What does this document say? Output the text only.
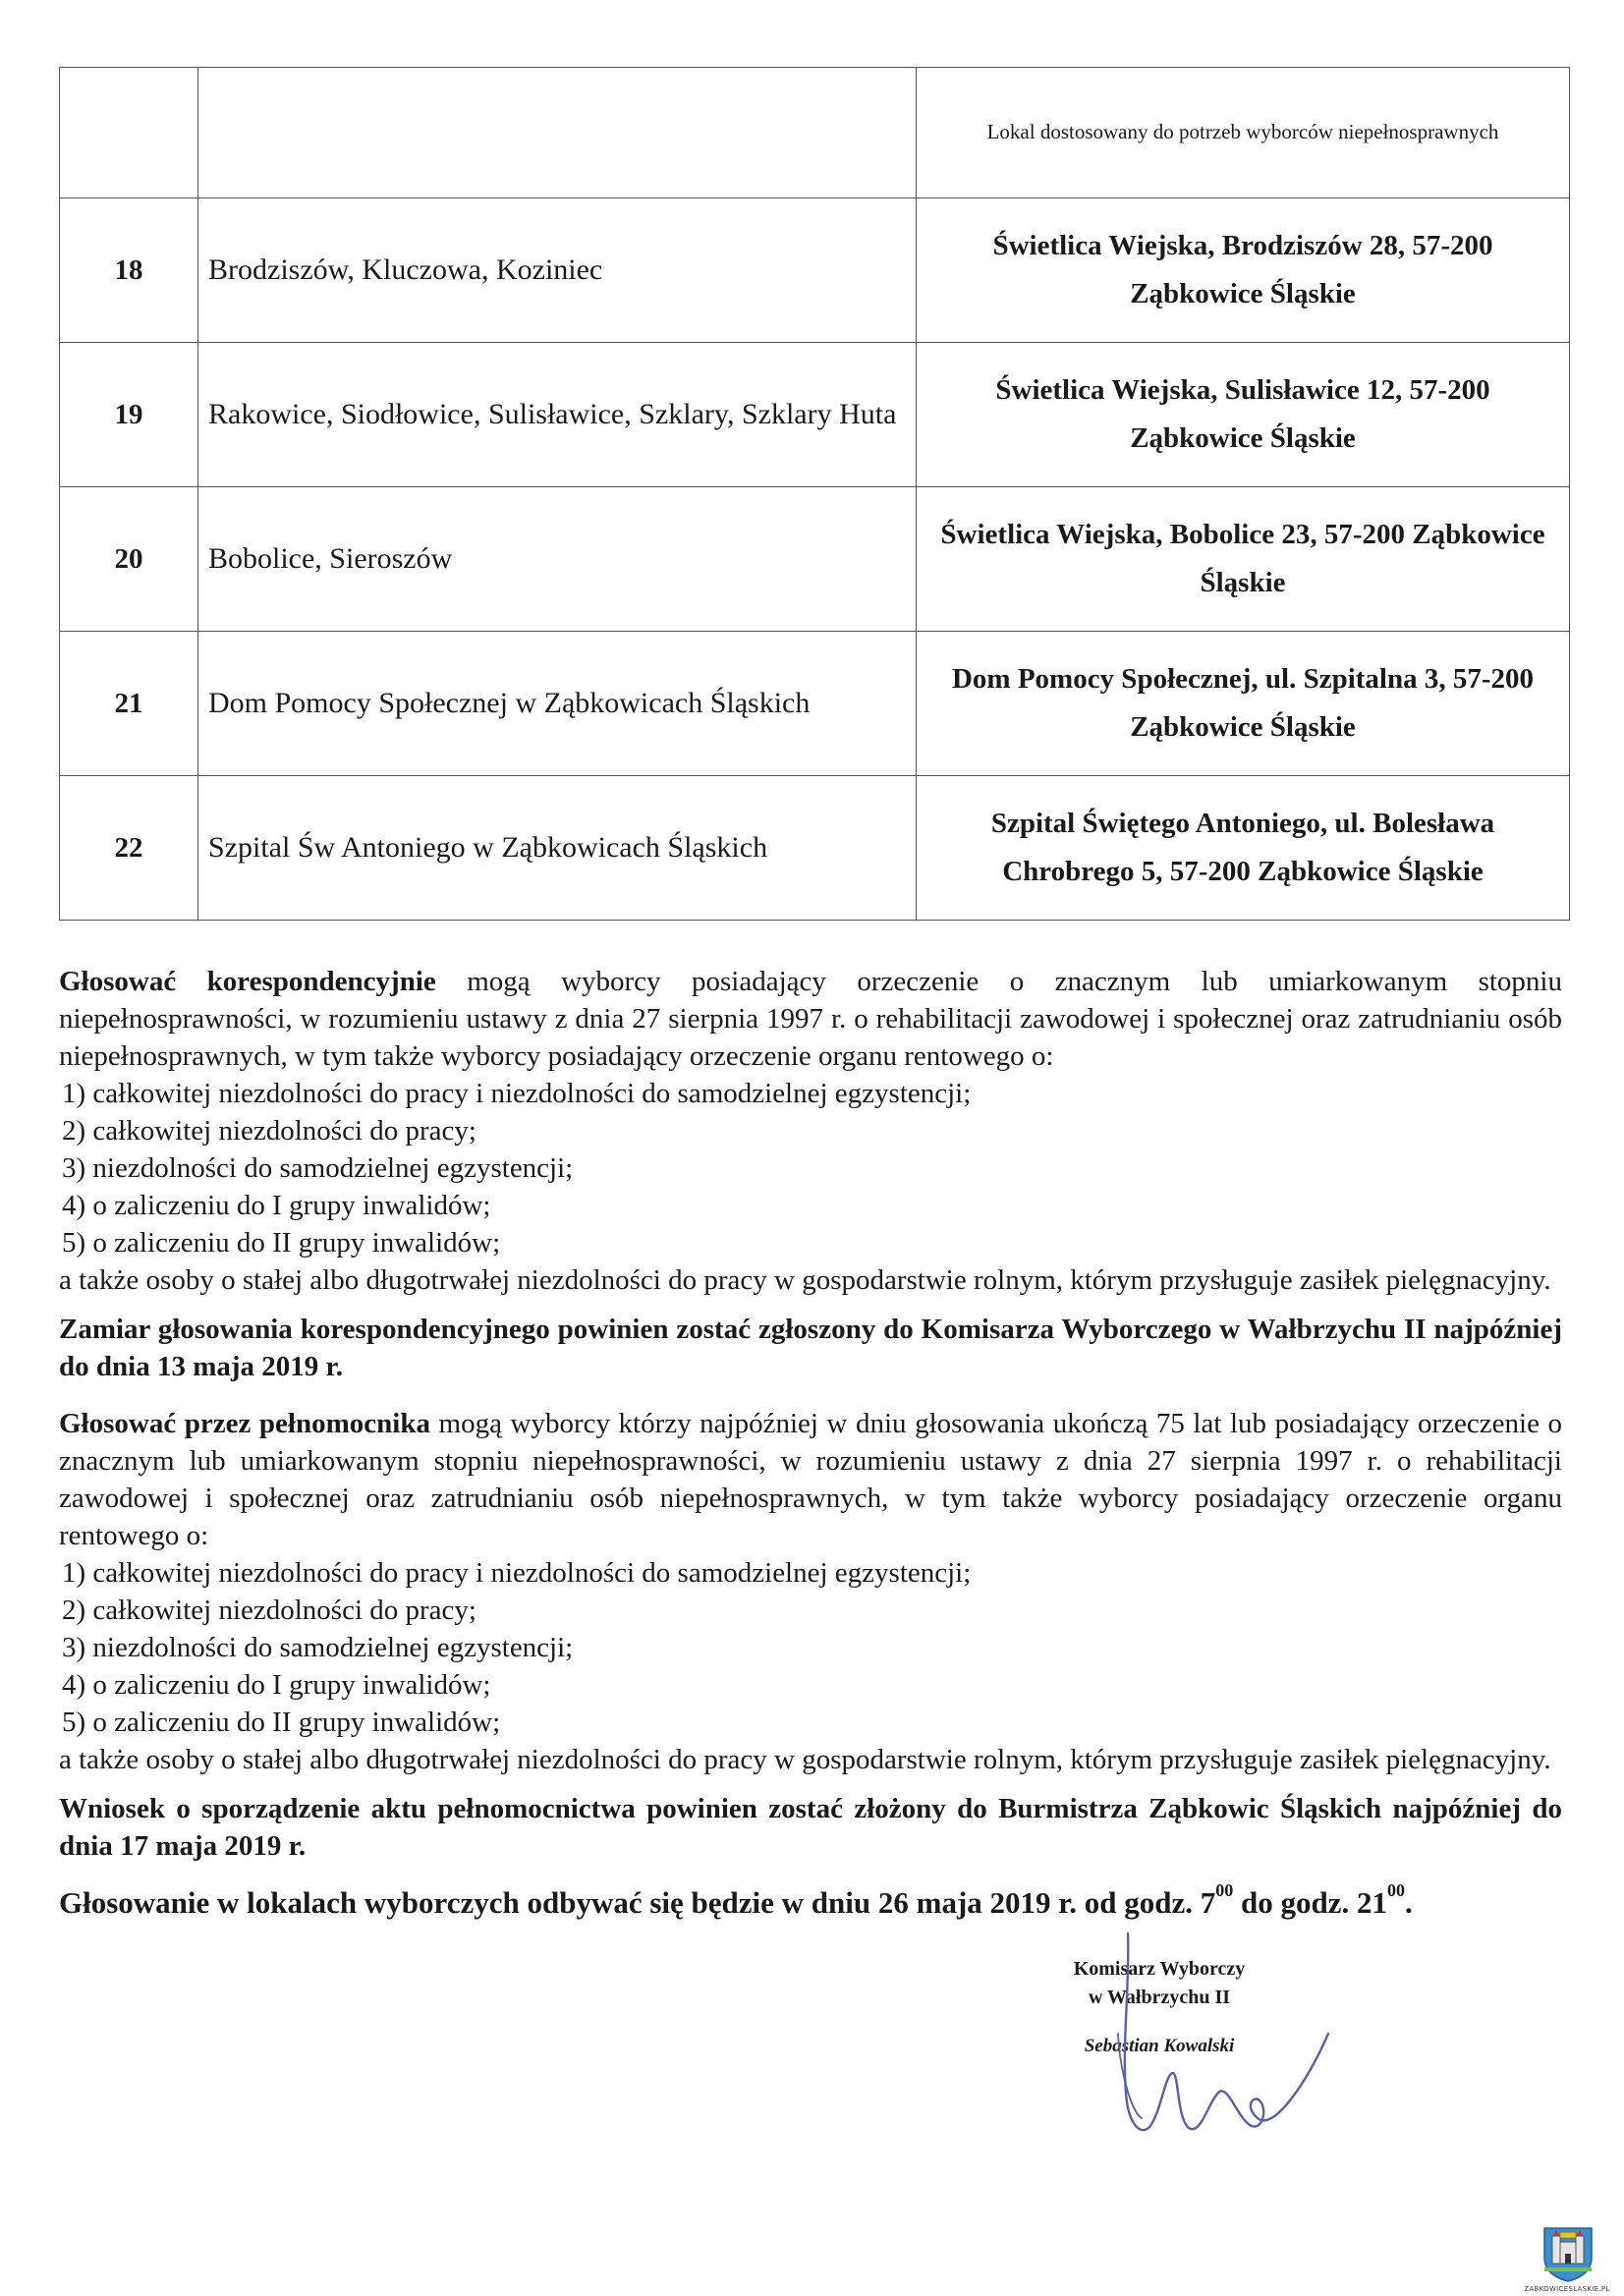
		Lokal dostosowany do potrzeb wyborców niepełnosprawnych
18	Brodziszów, Kluczowa, Koziniec	Świetlica Wiejska, Brodziszów 28, 57-200
Ząbkowice Śląskie

19	Rakowice, Siodłowice, Sulisławice, Szklary, Szklary Huta	Świetlica Wiejska, Sulisławice 12, 57-200
Ząbkowice Śląskie

20	Bobolice, Sieroszów	Świetlica Wiejska, Bobolice 23, 57-200 Ząbkowice
Śląskie

21	Dom Pomocy Społecznej w Ząbkowicach Śląskich	Dom Pomocy Społecznej, ul. Szpitalna 3, 57-200
Ząbkowice Śląskie

22	Szpital Św Antoniego w Ząbkowicach Śląskich	Szpital Świętego Antoniego, ul. Bolesława
Chrobrego 5, 57-200 Ząbkowice Śląskie

Głosować korespondencyjnie mogą wyborcy posiadający orzeczenie o znacznym lub umiarkowanym stopniu niepełnosprawności, w rozumieniu ustawy z dnia 27 sierpnia 1997 r. o rehabilitacji zawodowej i społecznej oraz zatrudnianiu osób niepełnosprawnych, w tym także wyborcy posiadający orzeczenie organu rentowego o:

1) całkowitej niezdolności do pracy i niezdolności do samodzielnej egzystencji;

2) całkowitej niezdolności do pracy;

3) niezdolności do samodzielnej egzystencji;

4) o zaliczeniu do I grupy inwalidów;

5) o zaliczeniu do II grupy inwalidów;

a także osoby o stałej albo długotrwałej niezdolności do pracy w gospodarstwie rolnym, którym przysługuje zasiłek pielęgnacyjny.

Zamiar głosowania korespondencyjnego powinien zostać zgłoszony do Komisarza Wyborczego w Wałbrzychu II najpóźniej do dnia 13 maja 2019 r.

Głosować przez pełnomocnika mogą wyborcy którzy najpóźniej w dniu głosowania ukończą 75 lat lub posiadający orzeczenie o znacznym lub umiarkowanym stopniu niepełnosprawności, w rozumieniu ustawy z dnia 27 sierpnia 1997 r. o rehabilitacji zawodowej i społecznej oraz zatrudnianiu osób niepełnosprawnych, w tym także wyborcy posiadający orzeczenie organu rentowego o:

1) całkowitej niezdolności do pracy i niezdolności do samodzielnej egzystencji;

2) całkowitej niezdolności do pracy;

3) niezdolności do samodzielnej egzystencji;

4) o zaliczeniu do I grupy inwalidów;

5) o zaliczeniu do II grupy inwalidów;

a także osoby o stałej albo długotrwałej niezdolności do pracy w gospodarstwie rolnym, którym przysługuje zasiłek pielęgnacyjny.

Wniosek o sporządzenie aktu pełnomocnictwa powinien zostać złożony do Burmistrza Ząbkowic Śląskich najpóźniej do dnia 17 maja 2019 r.

Głosowanie w lokalach wyborczych odbywać się będzie w dniu 26 maja 2019 r. od godz. $7^{00}$ do godz. $21^{00}$.

Komisarz Wyborczy
w Wałbrzychu II
Sebastian Kowalski
ZABKOWICESLASKIE.PL
